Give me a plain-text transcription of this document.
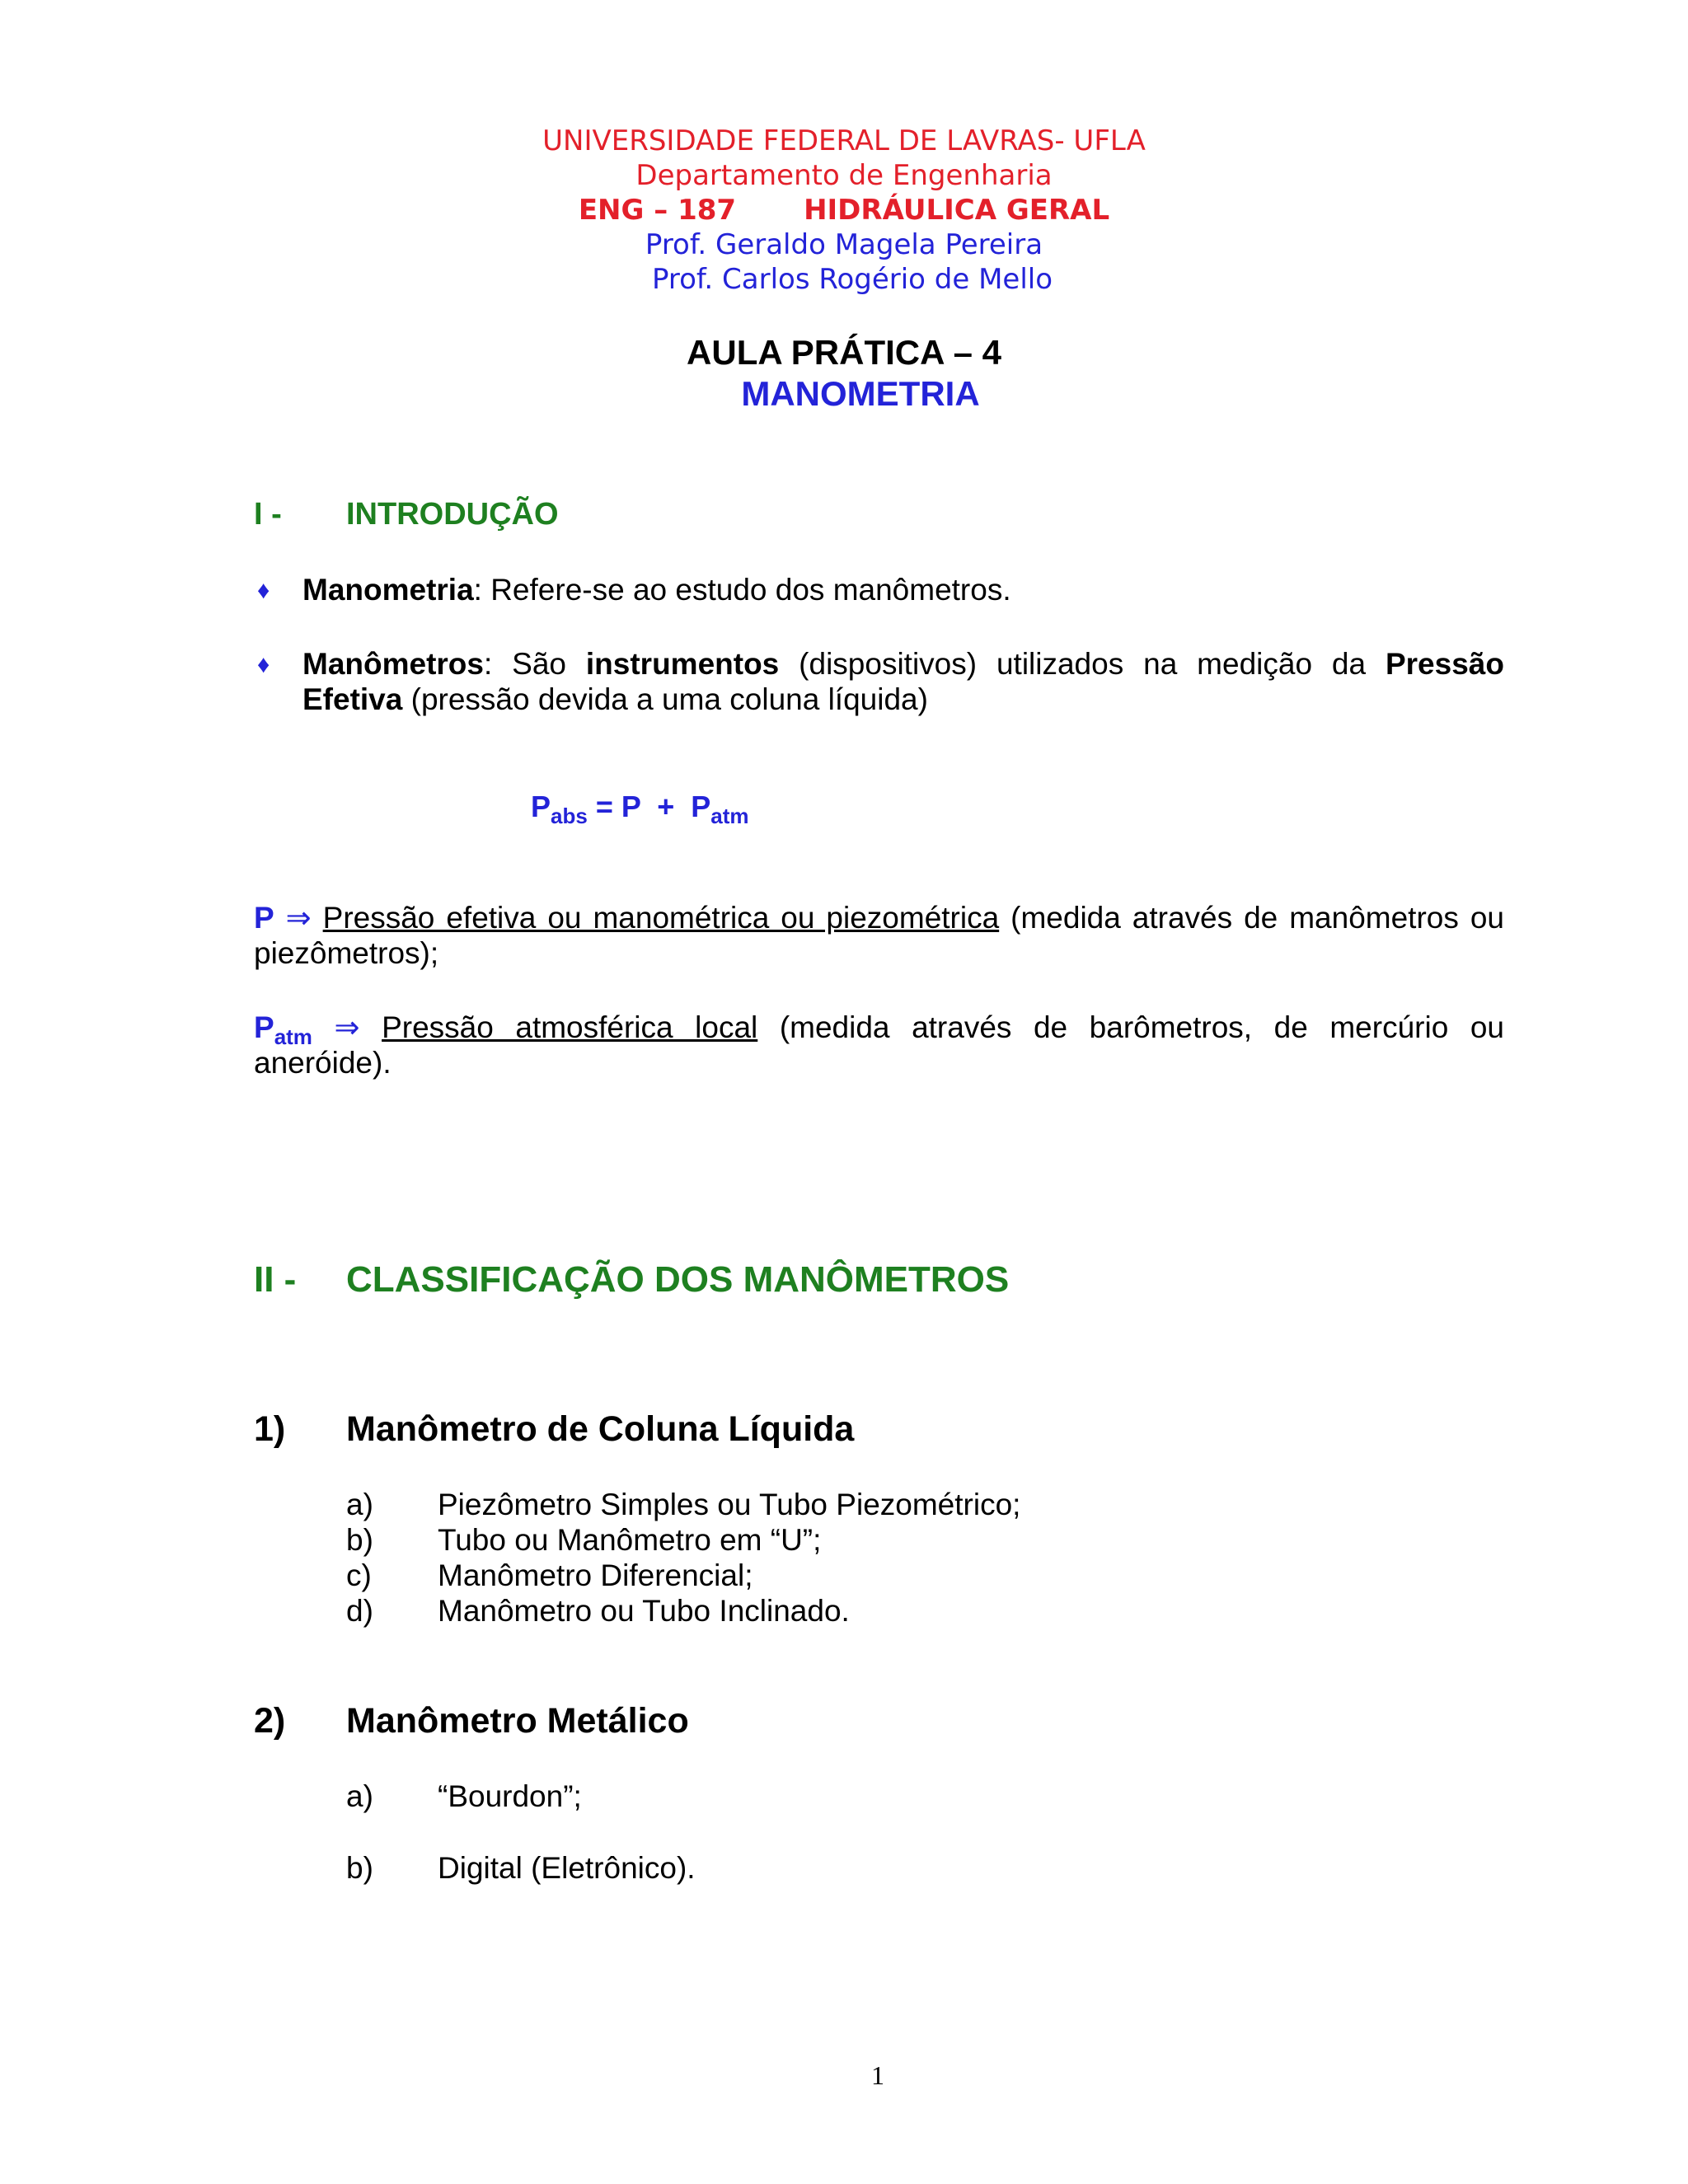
UNIVERSIDADE FEDERAL DE LAVRAS- UFLA
Departamento de Engenharia
ENG – 187 HIDRÁULICA GERAL
Prof. Geraldo Magela Pereira
Prof. Carlos Rogério de Mello
AULA PRÁTICA – 4
MANOMETRIA
I - INTRODUÇÃO
♦ Manometria: Refere-se ao estudo dos manômetros.
♦ Manômetros: São instrumentos (dispositivos) utilizados na medição da Pressão
Efetiva (pressão devida a uma coluna líquida)
$P_{abs} = P + P_{atm}$
P ⇒ Pressão efetiva ou manométrica ou piezométrica (medida através de manômetros ou
piezômetros);
$P_{atm}$ ⇒ Pressão atmosférica local (medida através de barômetros, de mercúrio ou
aneróide).
II - CLASSIFICAÇÃO DOS MANÔMETROS
1) Manômetro de Coluna Líquida
a) Piezômetro Simples ou Tubo Piezométrico;
b) Tubo ou Manômetro em “U”;
c) Manômetro Diferencial;
d) Manômetro ou Tubo Inclinado.
2) Manômetro Metálico
a) “Bourdon”;
b) Digital (Eletrônico).
1
